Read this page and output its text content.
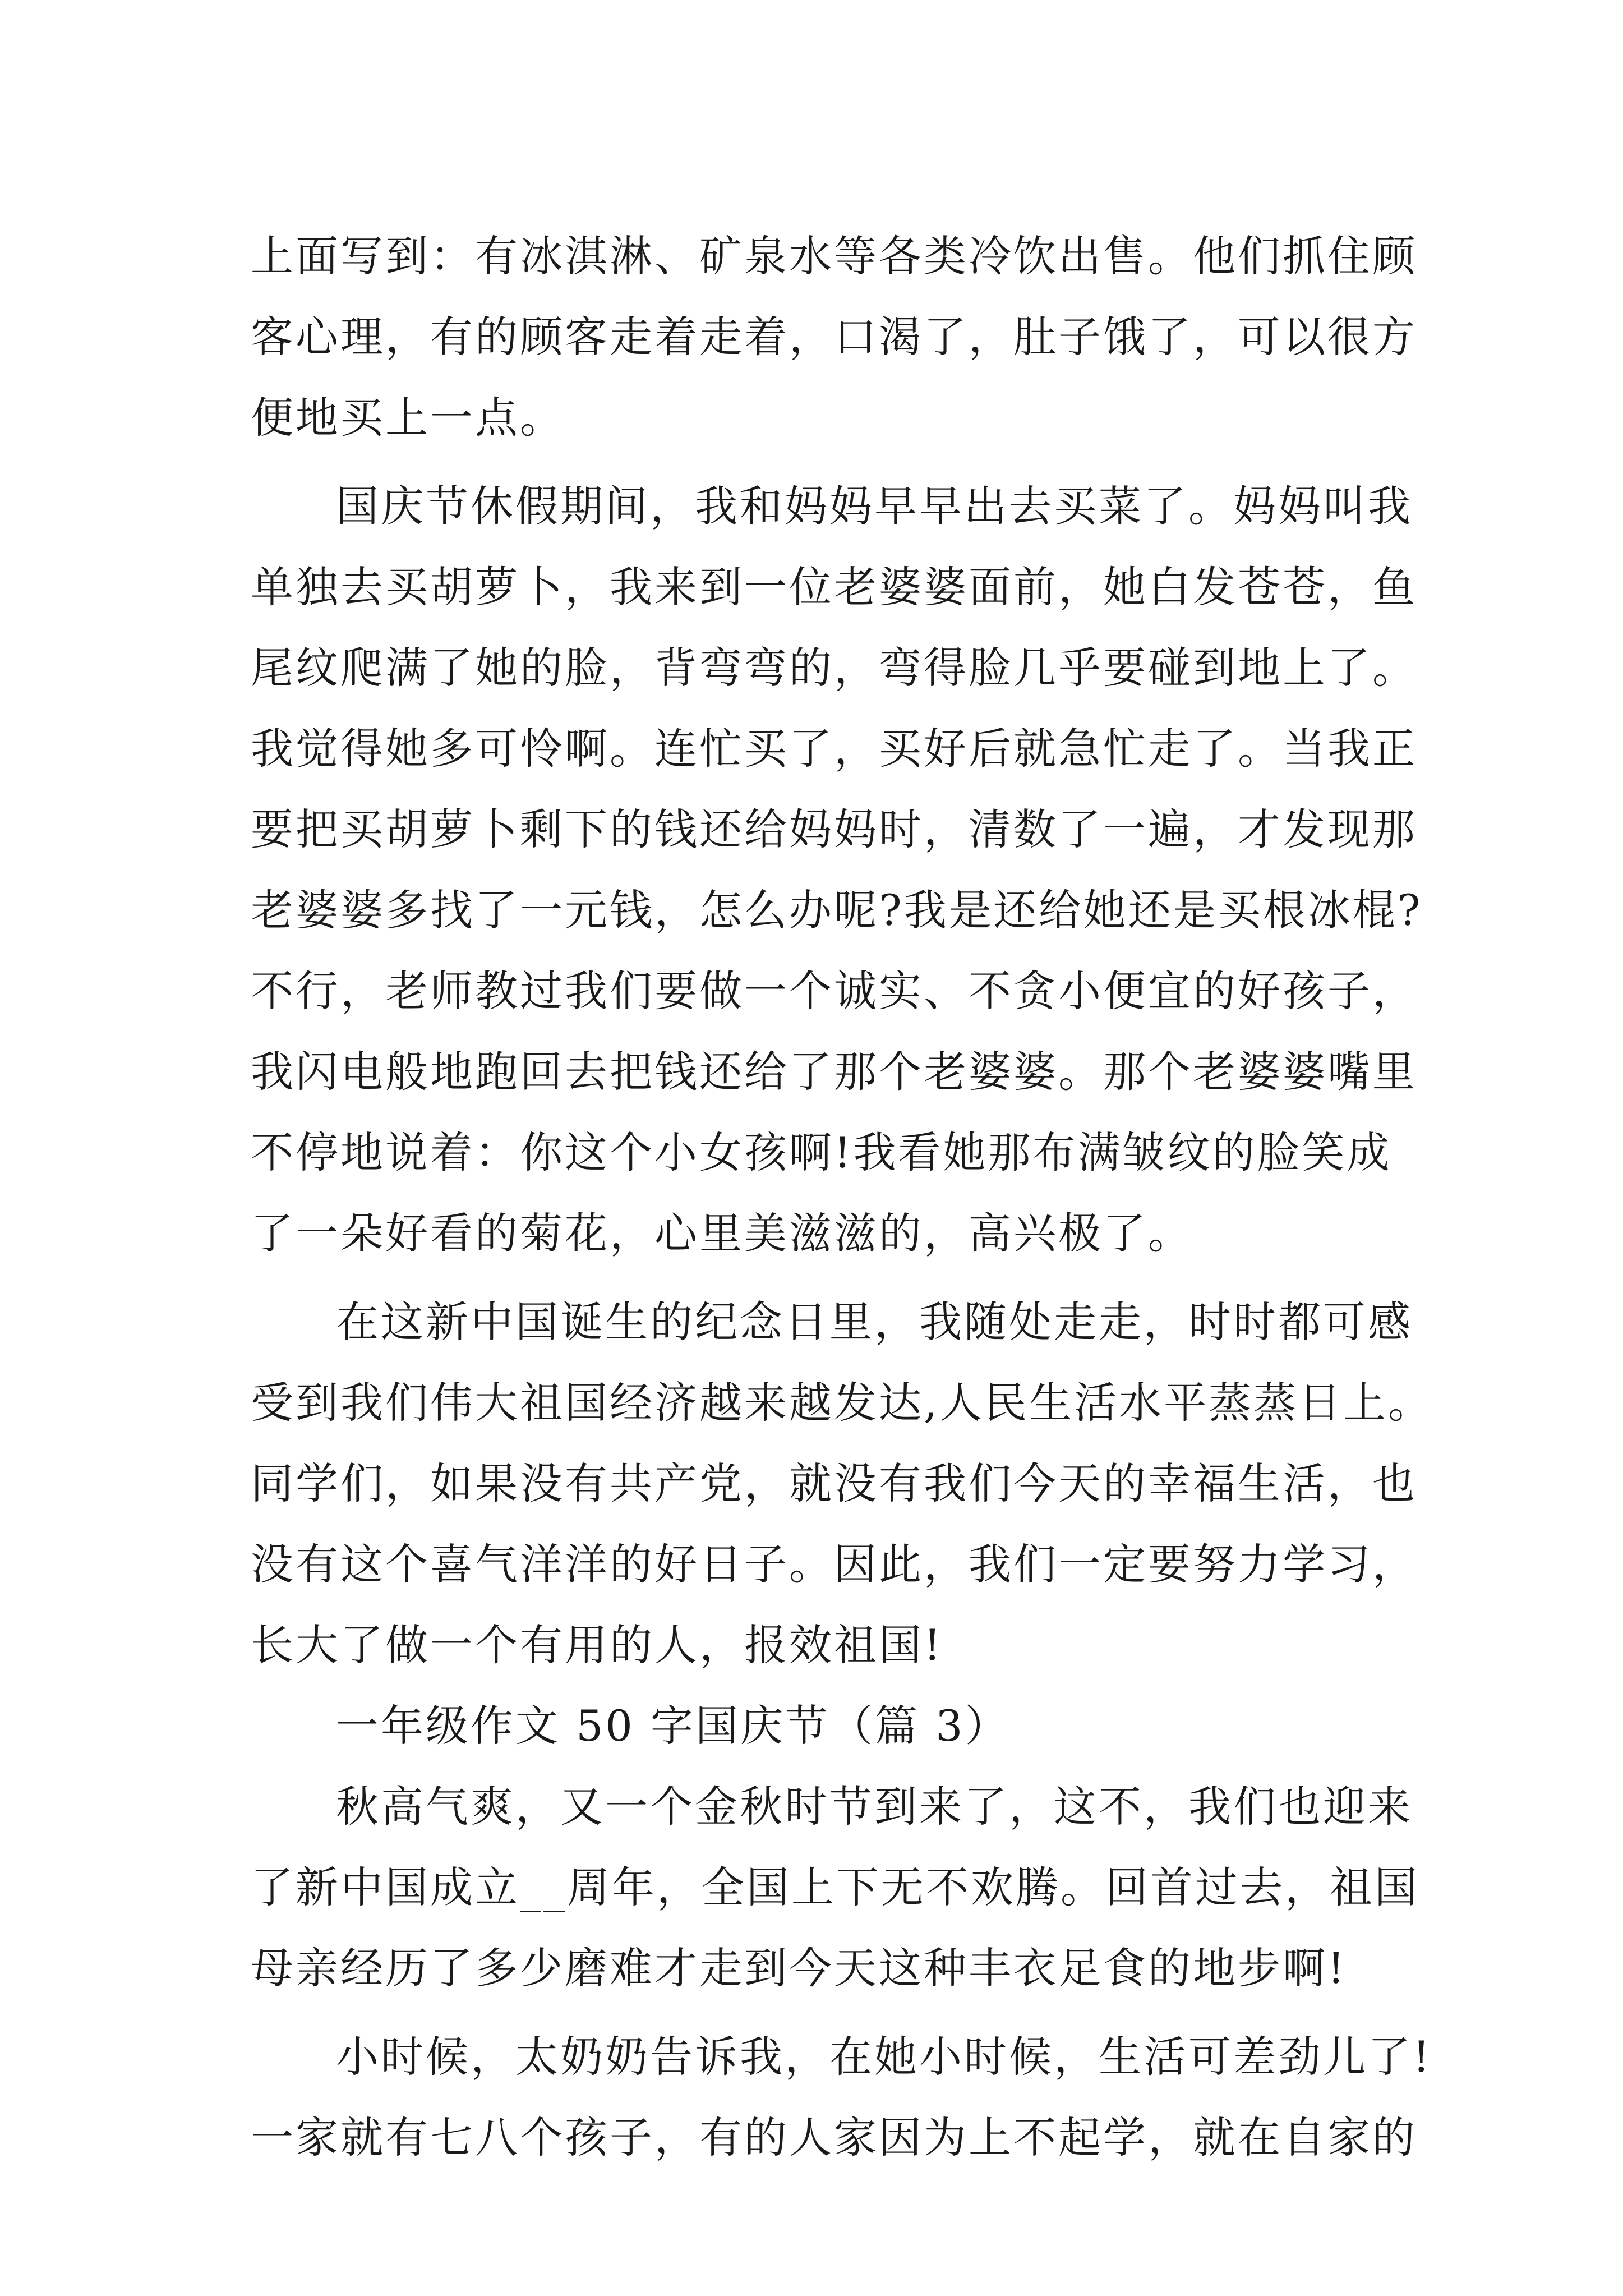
上面写到：有冰淇淋、矿泉水等各类冷饮出售。他们抓住顾
客心理，有的顾客走着走着，口渴了，肚子饿了，可以很方
便地买上一点。
国庆节休假期间，我和妈妈早早出去买菜了。妈妈叫我
单独去买胡萝卜，我来到一位老婆婆面前，她白发苍苍，鱼
尾纹爬满了她的脸，背弯弯的，弯得脸几乎要碰到地上了。
我觉得她多可怜啊。连忙买了，买好后就急忙走了。当我正
要把买胡萝卜剩下的钱还给妈妈时，清数了一遍，才发现那
老婆婆多找了一元钱，怎么办呢?我是还给她还是买根冰棍?
不行，老师教过我们要做一个诚实、不贪小便宜的好孩子，
我闪电般地跑回去把钱还给了那个老婆婆。那个老婆婆嘴里
不停地说着：你这个小女孩啊!我看她那布满皱纹的脸笑成
了一朵好看的菊花，心里美滋滋的，高兴极了。
在这新中国诞生的纪念日里，我随处走走，时时都可感
受到我们伟大祖国经济越来越发达,人民生活水平蒸蒸日上。
同学们，如果没有共产党，就没有我们今天的幸福生活，也
没有这个喜气洋洋的好日子。因此，我们一定要努力学习，
长大了做一个有用的人，报效祖国!
一年级作文 50 字国庆节（篇 3）
秋高气爽，又一个金秋时节到来了，这不，我们也迎来
了新中国成立__周年，全国上下无不欢腾。回首过去，祖国
母亲经历了多少磨难才走到今天这种丰衣足食的地步啊!
小时候，太奶奶告诉我，在她小时候，生活可差劲儿了!
一家就有七八个孩子，有的人家因为上不起学，就在自家的
